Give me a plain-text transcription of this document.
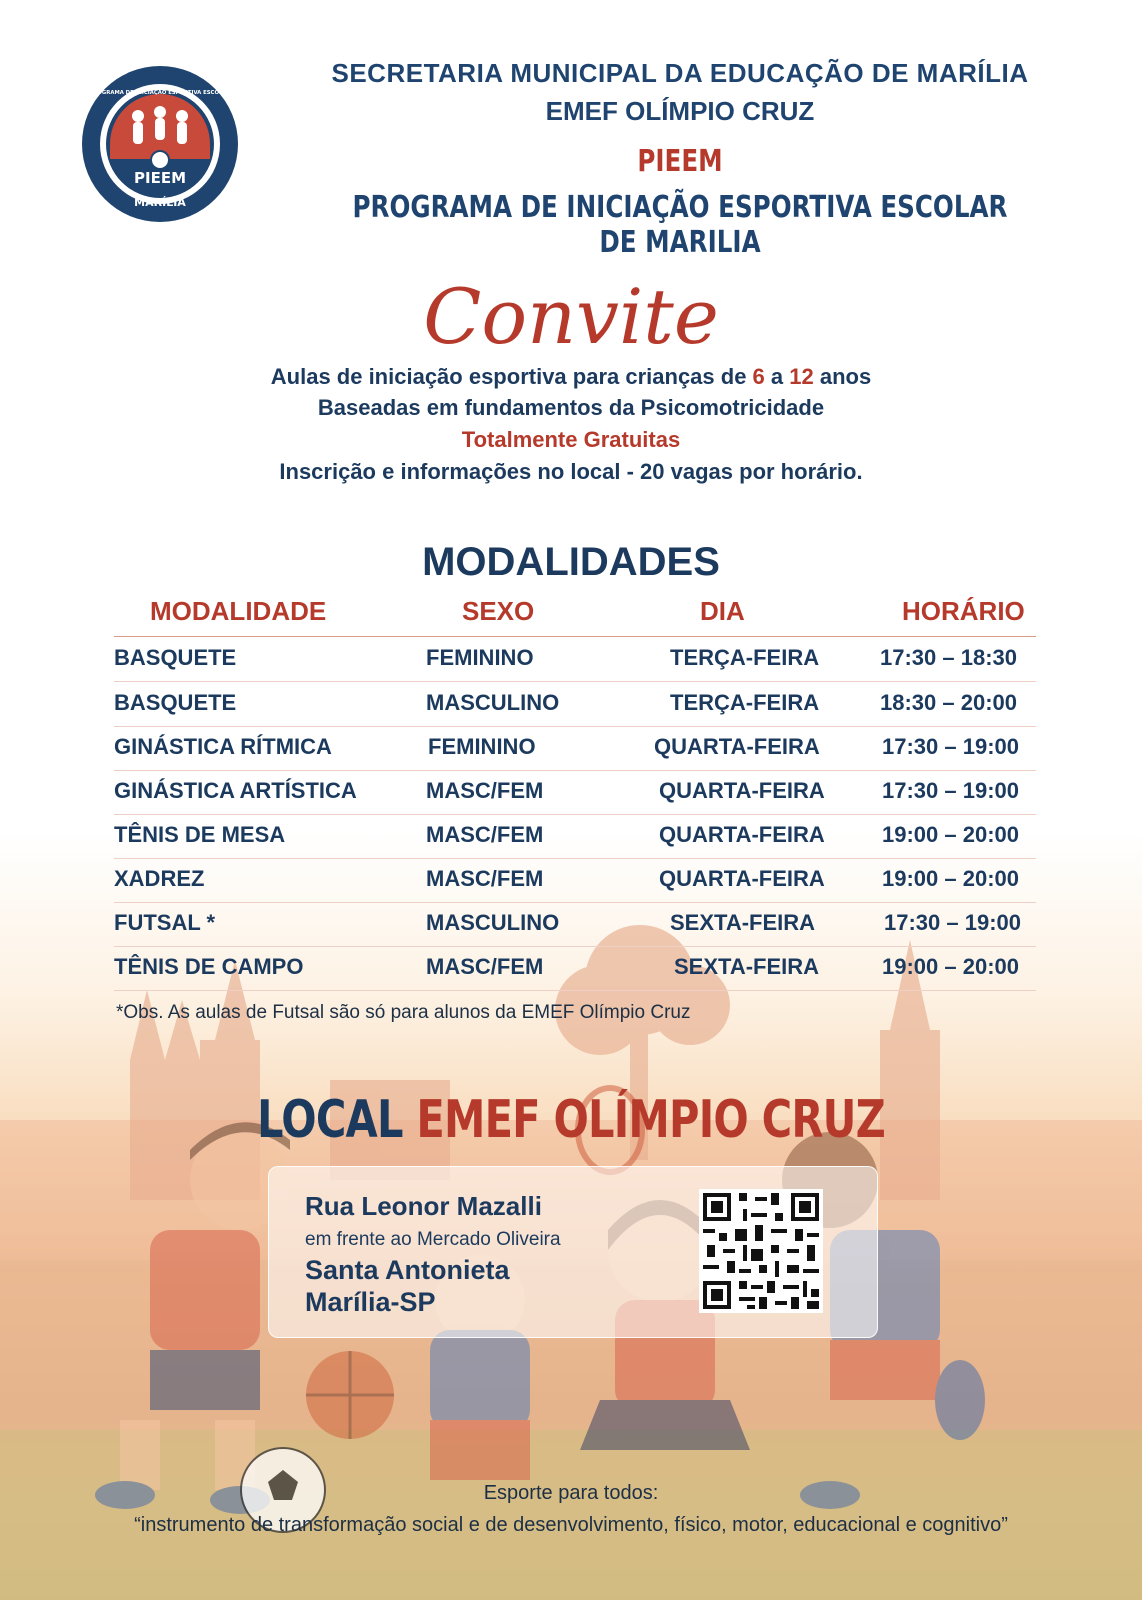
PIEEM
MARÍLIA
PROGRAMA DE INICIAÇÃO ESPORTIVA ESCOLAR
SECRETARIA MUNICIPAL DA EDUCAÇÃO DE MARÍLIA
EMEF OLÍMPIO CRUZ
PIEEM
PROGRAMA DE INICIAÇÃO ESPORTIVA ESCOLAR DE MARILIA
Convite
Aulas de iniciação esportiva para crianças de 6 a 12 anos
Baseadas em fundamentos da Psicomotricidade
Totalmente Gratuitas
Inscrição e informações no local - 20 vagas por horário.
MODALIDADES
MODALIDADE	SEXO	DIA	HORÁRIO
BASQUETE	FEMININO	TERÇA-FEIRA	17:30 – 18:30
BASQUETE	MASCULINO	TERÇA-FEIRA	18:30 – 20:00
GINÁSTICA RÍTMICA	FEMININO	QUARTA-FEIRA	17:30 – 19:00
GINÁSTICA ARTÍSTICA	MASC/FEM	QUARTA-FEIRA	17:30 – 19:00
TÊNIS DE MESA	MASC/FEM	QUARTA-FEIRA	19:00 – 20:00
XADREZ	MASC/FEM	QUARTA-FEIRA	19:00 – 20:00
FUTSAL *	MASCULINO	SEXTA-FEIRA	17:30 – 19:00
TÊNIS DE CAMPO	MASC/FEM	SEXTA-FEIRA	19:00 – 20:00
*Obs. As aulas de Futsal são só para alunos da EMEF Olímpio Cruz
LOCAL EMEF OLÍMPIO CRUZ
Rua Leonor Mazalli
em frente ao Mercado Oliveira
Santa Antonieta
Marília-SP
Esporte para todos:
“instrumento de transformação social e de desenvolvimento, físico, motor, educacional e cognitivo”
